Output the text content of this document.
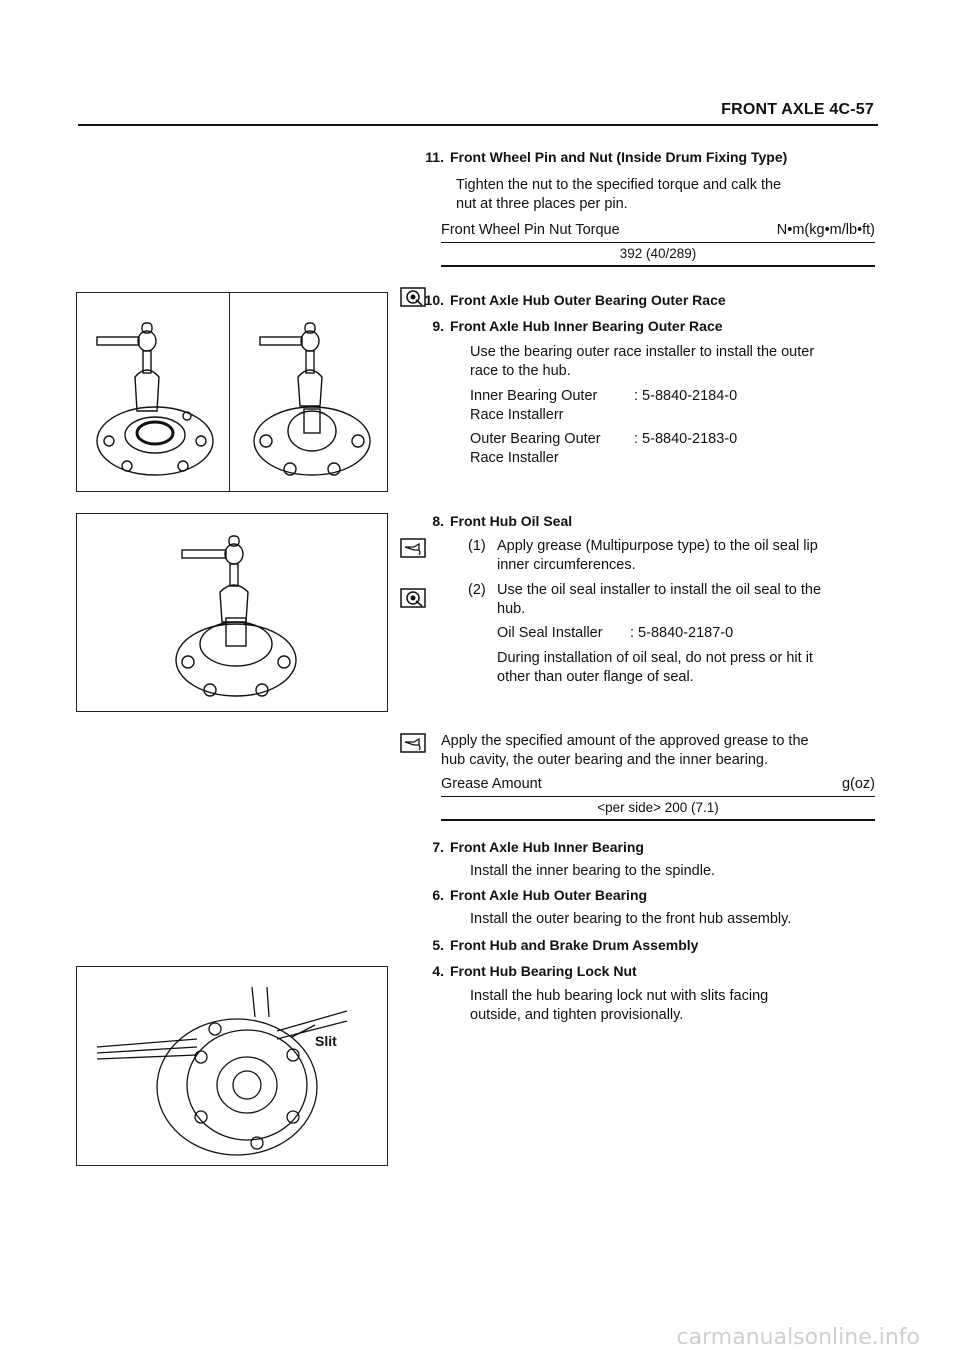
FRONT AXLE 4C-57
11. Front Wheel Pin and Nut (Inside Drum Fixing Type)
Tighten the nut to the specified torque and calk the
nut at three places per pin.
Front Wheel Pin Nut Torque	N•m(kg•m/lb•ft)
392 (40/289)
10. Front Axle Hub Outer Bearing Outer Race
9. Front Axle Hub Inner Bearing Outer Race
Use the bearing outer race installer to install the outer
race to the hub.
Inner Bearing Outer
Race Installerr
: 5-8840-2184-0
Outer Bearing Outer
Race Installer
: 5-8840-2183-0
8. Front Hub Oil Seal
(1) Apply grease (Multipurpose type) to the oil seal lip
inner circumferences.
(2) Use the oil seal installer to install the oil seal to the
hub.
Oil Seal Installer : 5-8840-2187-0
During installation of oil seal, do not press or hit it
other than outer flange of seal.
Apply the specified amount of the approved grease to the
hub cavity, the outer bearing and the inner bearing.
Grease Amount	g(oz)
<per side> 200 (7.1)
7. Front Axle Hub Inner Bearing
Install the inner bearing to the spindle.
6. Front Axle Hub Outer Bearing
Install the outer bearing to the front hub assembly.
5. Front Hub and Brake Drum Assembly
4. Front Hub Bearing Lock Nut
Install the hub bearing lock nut with slits facing
outside, and tighten provisionally.
Slit
carmanualsonline.info
